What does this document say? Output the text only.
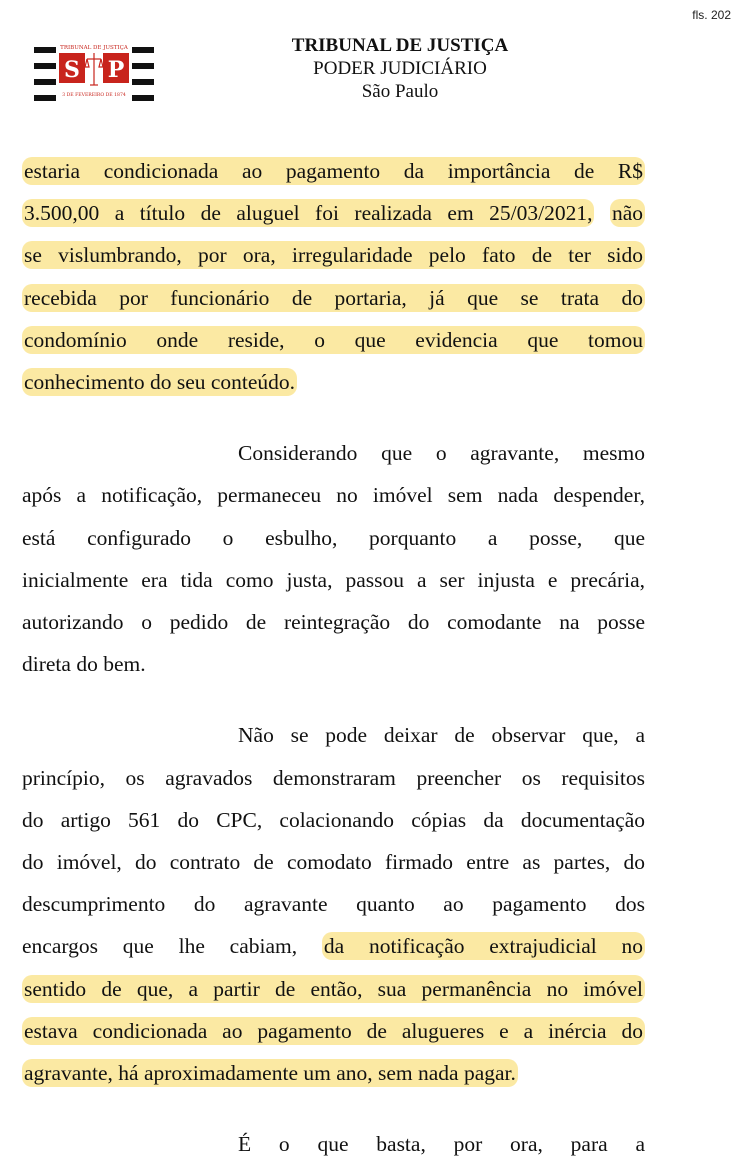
fls. 202
TRIBUNAL DE JUSTIÇA
S P
3 DE FEVEREIRO DE 1874
TRIBUNAL DE JUSTIÇA
PODER JUDICIÁRIO
São Paulo

estaria condicionada ao pagamento da importância de R$

3.500,00 a título de aluguel foi realizada em 25/03/2021, não

se vislumbrando, por ora, irregularidade pelo fato de ter sido

recebida por funcionário de portaria, já que se trata do

condomínio onde reside, o que evidencia que tomou

conhecimento do seu conteúdo.

Considerando que o agravante, mesmo

após a notificação, permaneceu no imóvel sem nada despender,

está configurado o esbulho, porquanto a posse, que

inicialmente era tida como justa, passou a ser injusta e precária,

autorizando o pedido de reintegração do comodante na posse

direta do bem.

Não se pode deixar de observar que, a

princípio, os agravados demonstraram preencher os requisitos

do artigo 561 do CPC, colacionando cópias da documentação

do imóvel, do contrato de comodato firmado entre as partes, do

descumprimento do agravante quanto ao pagamento dos

encargos que lhe cabiam, da notificação extrajudicial no

sentido de que, a partir de então, sua permanência no imóvel

estava condicionada ao pagamento de alugueres e a inércia do

agravante, há aproximadamente um ano, sem nada pagar.

É o que basta, por ora, para a
